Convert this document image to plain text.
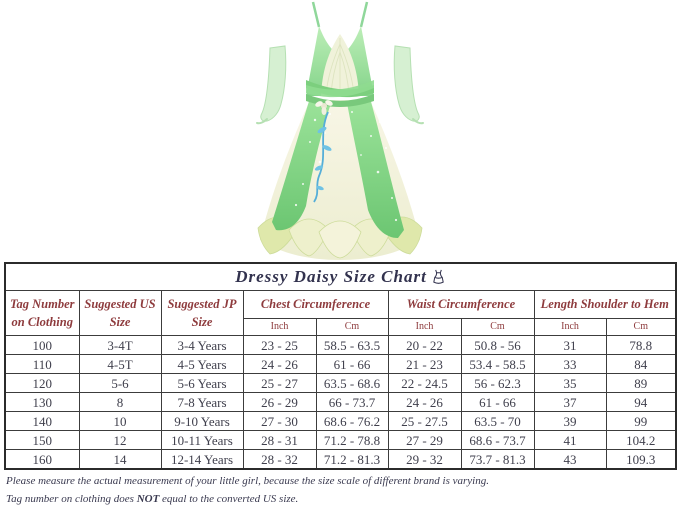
Dressy Daisy Size Chart								
Tag Number on Clothing	Suggested US Size	Suggested JP Size	Chest Circumference		Waist Circumference		Length Shoulder to Hem	
			Inch	Cm	Inch	Cm	Inch	Cm
100	3-4T	3-4 Years	23 - 25	58.5 - 63.5	20 - 22	50.8 - 56	31	78.8
110	4-5T	4-5 Years	24 - 26	61 - 66	21 - 23	53.4 - 58.5	33	84
120	5-6	5-6 Years	25 - 27	63.5 - 68.6	22 - 24.5	56 - 62.3	35	89
130	8	7-8 Years	26 - 29	66 - 73.7	24 - 26	61 - 66	37	94
140	10	9-10 Years	27 - 30	68.6 - 76.2	25 - 27.5	63.5 - 70	39	99
150	12	10-11 Years	28 - 31	71.2 - 78.8	27 - 29	68.6 - 73.7	41	104.2
160	14	12-14 Years	28 - 32	71.2 - 81.3	29 - 32	73.7 - 81.3	43	109.3
Please measure the actual measurement of your little girl, because the size scale of different brand is varying.
Tag number on clothing does NOT equal to the converted US size.
